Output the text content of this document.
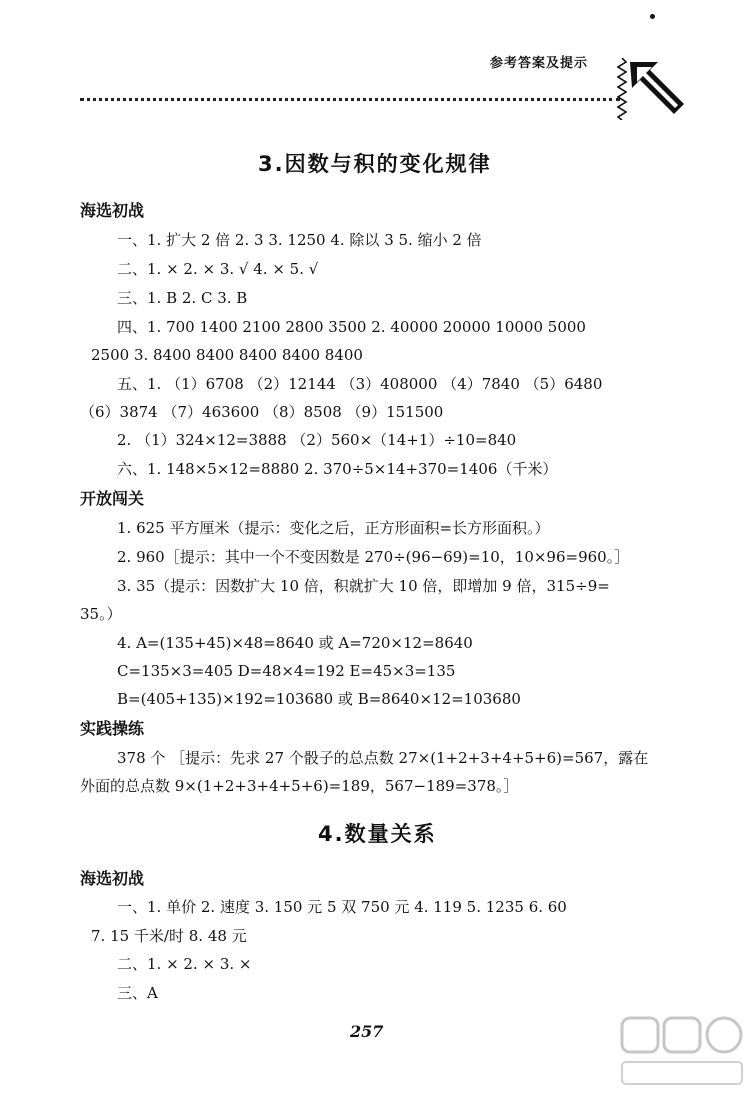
参考答案及提示
3.因数与积的变化规律
海选初战
一、1. 扩大 2 倍 2. 3 3. 1250 4. 除以 3 5. 缩小 2 倍
二、1. × 2. × 3. √ 4. × 5. √
三、1. B 2. C 3. B
四、1. 700 1400 2100 2800 3500 2. 40000 20000 10000 5000
2500 3. 8400 8400 8400 8400 8400
五、1. （1）6708 （2）12144 （3）408000 （4）7840 （5）6480
（6）3874 （7）463600 （8）8508 （9）151500
2. （1）324×12=3888 （2）560×（14+1）÷10=840
六、1. 148×5×12=8880 2. 370÷5×14+370=1406（千米）
开放闯关
1. 625 平方厘米（提示：变化之后，正方形面积=长方形面积。）
2. 960［提示：其中一个不变因数是 270÷(96−69)=10，10×96=960。］
3. 35（提示：因数扩大 10 倍，积就扩大 10 倍，即增加 9 倍，315÷9=
35。）
4. A=(135+45)×48=8640 或 A=720×12=8640
C=135×3=405 D=48×4=192 E=45×3=135
B=(405+135)×192=103680 或 B=8640×12=103680
实践操练
378 个 ［提示：先求 27 个骰子的总点数 27×(1+2+3+4+5+6)=567，露在
外面的总点数 9×(1+2+3+4+5+6)=189，567−189=378。］
4.数量关系
海选初战
一、1. 单价 2. 速度 3. 150 元 5 双 750 元 4. 119 5. 1235 6. 60
7. 15 千米/时 8. 48 元
二、1. × 2. × 3. ×
三、A
257
